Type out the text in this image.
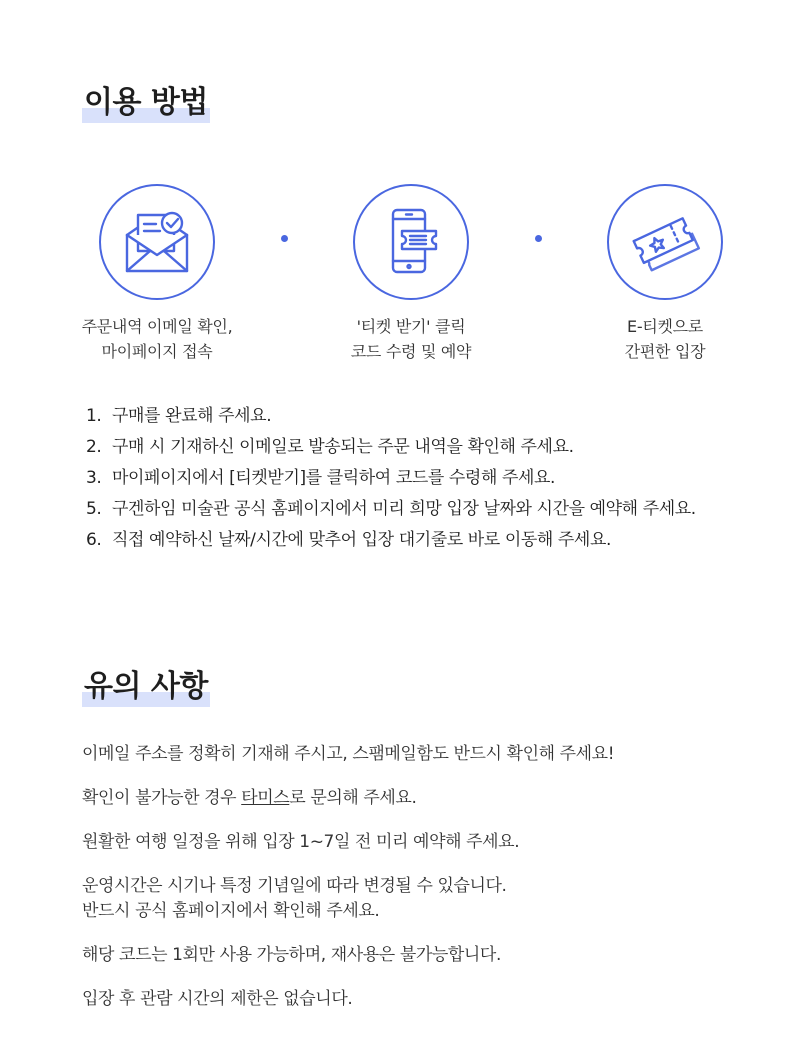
이용 방법
주문내역 이메일 확인,
마이페이지 접속
'티켓 받기' 클릭
코드 수령 및 예약
E-티켓으로
간편한 입장
1. 구매를 완료해 주세요.
2. 구매 시 기재하신 이메일로 발송되는 주문 내역을 확인해 주세요.
3. 마이페이지에서 [티켓받기]를 클릭하여 코드를 수령해 주세요.
5. 구겐하임 미술관 공식 홈페이지에서 미리 희망 입장 날짜와 시간을 예약해 주세요.
6. 직접 예약하신 날짜/시간에 맞추어 입장 대기줄로 바로 이동해 주세요.
유의 사항
이메일 주소를 정확히 기재해 주시고, 스팸메일함도 반드시 확인해 주세요!
확인이 불가능한 경우 타미스로 문의해 주세요.
원활한 여행 일정을 위해 입장 1~7일 전 미리 예약해 주세요.
운영시간은 시기나 특정 기념일에 따라 변경될 수 있습니다.
반드시 공식 홈페이지에서 확인해 주세요.
해당 코드는 1회만 사용 가능하며, 재사용은 불가능합니다.
입장 후 관람 시간의 제한은 없습니다.
